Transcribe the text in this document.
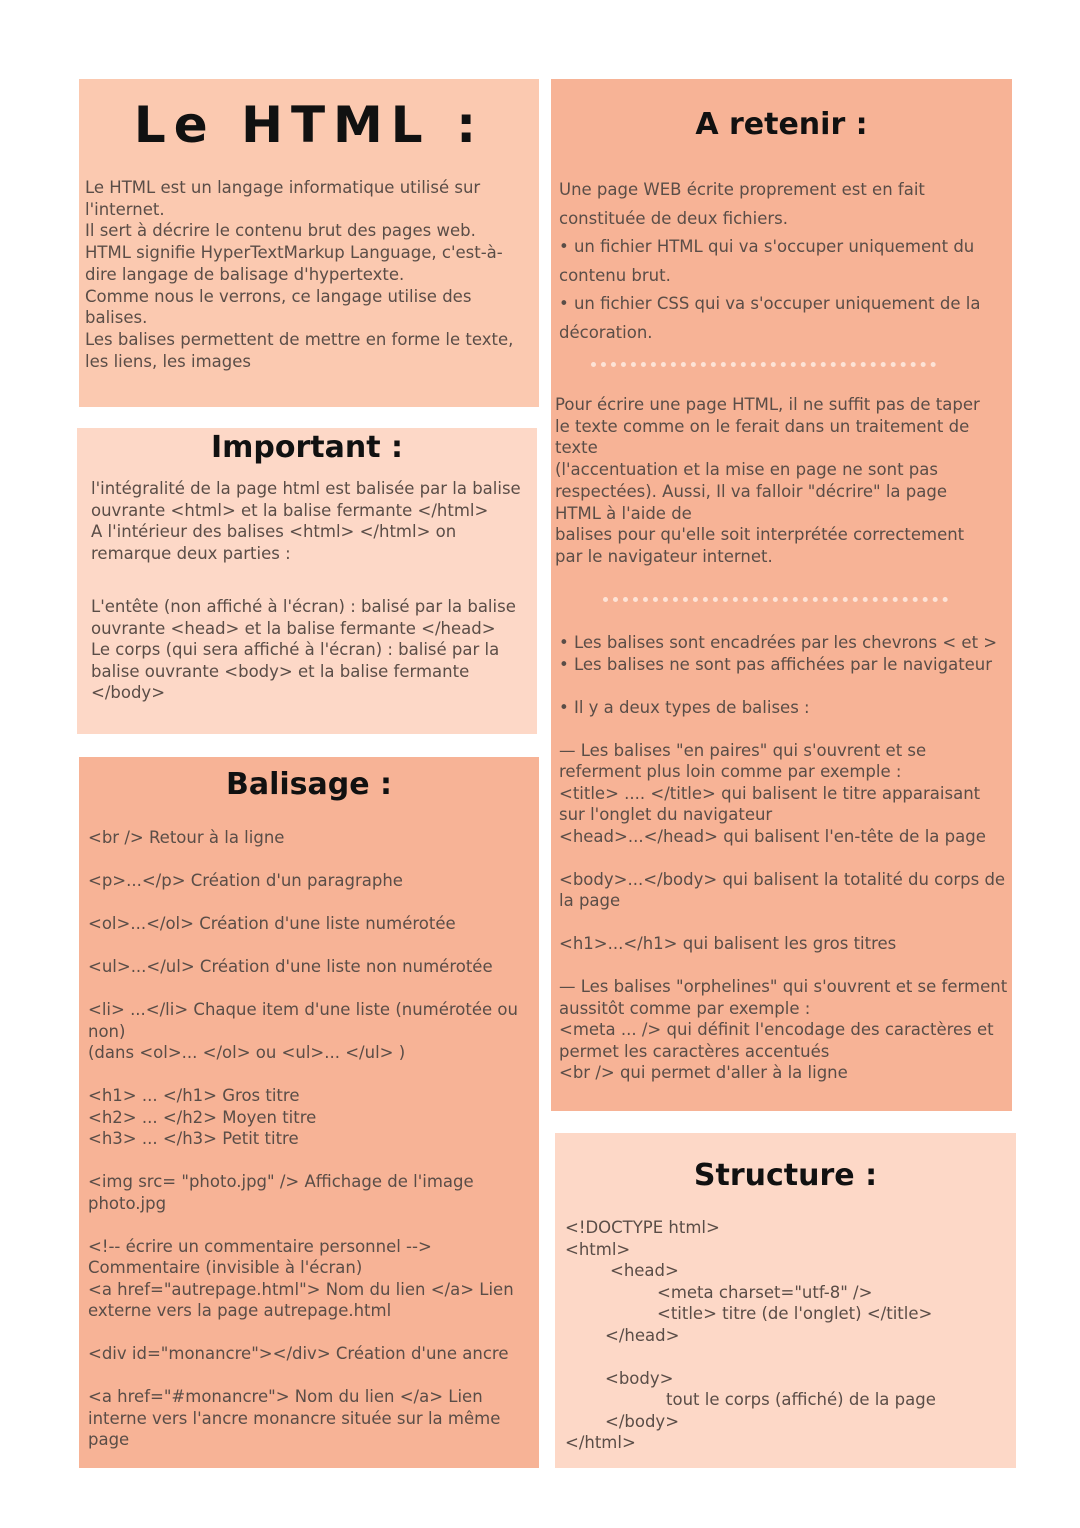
Le HTML :

Le HTML est un langage informatique utilisé sur l'internet.
Il sert à décrire le contenu brut des pages web.
HTML signifie HyperTextMarkup Language, c'est-à-dire langage de balisage d'hypertexte.
Comme nous le verrons, ce langage utilise des balises.
Les balises permettent de mettre en forme le texte, les liens, les images

Important :

l'intégralité de la page html est balisée par la balise ouvrante <html> et la balise fermante </html>
A l'intérieur des balises <html> </html> on remarque deux parties :

L'entête (non affiché à l'écran) : balisé par la balise ouvrante <head> et la balise fermante </head>
Le corps (qui sera affiché à l'écran) : balisé par la balise ouvrante <body> et la balise fermante </body>

Balisage :

<br /> Retour à la ligne

<p>...</p> Création d'un paragraphe

<ol>...</ol> Création d'une liste numérotée

<ul>...</ul> Création d'une liste non numérotée

<li> ...</li> Chaque item d'une liste (numérotée ou non)
(dans <ol>... </ol> ou <ul>... </ul> )

<h1> ... </h1> Gros titre
<h2> ... </h2> Moyen titre
<h3> ... </h3> Petit titre

<img src= "photo.jpg" /> Affichage de l'image photo.jpg

<!-- écrire un commentaire personnel -->
Commentaire (invisible à l'écran)
<a href="autrepage.html"> Nom du lien </a> Lien externe vers la page autrepage.html

<div id="monancre"></div> Création d'une ancre

<a href="#monancre"> Nom du lien </a> Lien interne vers l'ancre monancre située sur la même page

A retenir :

Une page WEB écrite proprement est en fait constituée de deux fichiers.
• un fichier HTML qui va s'occuper uniquement du contenu brut.
• un fichier CSS qui va s'occuper uniquement de la décoration.

Pour écrire une page HTML, il ne suffit pas de taper le texte comme on le ferait dans un traitement de texte
(l'accentuation et la mise en page ne sont pas respectées). Aussi, Il va falloir "décrire" la page HTML à l'aide de
balises pour qu'elle soit interprétée correctement par le navigateur internet.

• Les balises sont encadrées par les chevrons < et >
• Les balises ne sont pas affichées par le navigateur

• Il y a deux types de balises :

— Les balises "en paires" qui s'ouvrent et se referment plus loin comme par exemple :
<title> .... </title> qui balisent le titre apparaisant sur l'onglet du navigateur
<head>...</head> qui balisent l'en-tête de la page

<body>...</body> qui balisent la totalité du corps de la page

<h1>...</h1> qui balisent les gros titres

— Les balises "orphelines" qui s'ouvrent et se ferment aussitôt comme par exemple :
<meta ... /> qui définit l'encodage des caractères et permet les caractères accentués
<br /> qui permet d'aller à la ligne

Structure :
<!DOCTYPE html>
<html>
<head>
<meta charset="utf-8" />
<title> titre (de l'onglet) </title>
</head>
<body>
tout le corps (affiché) de la page
</body>
</html>
